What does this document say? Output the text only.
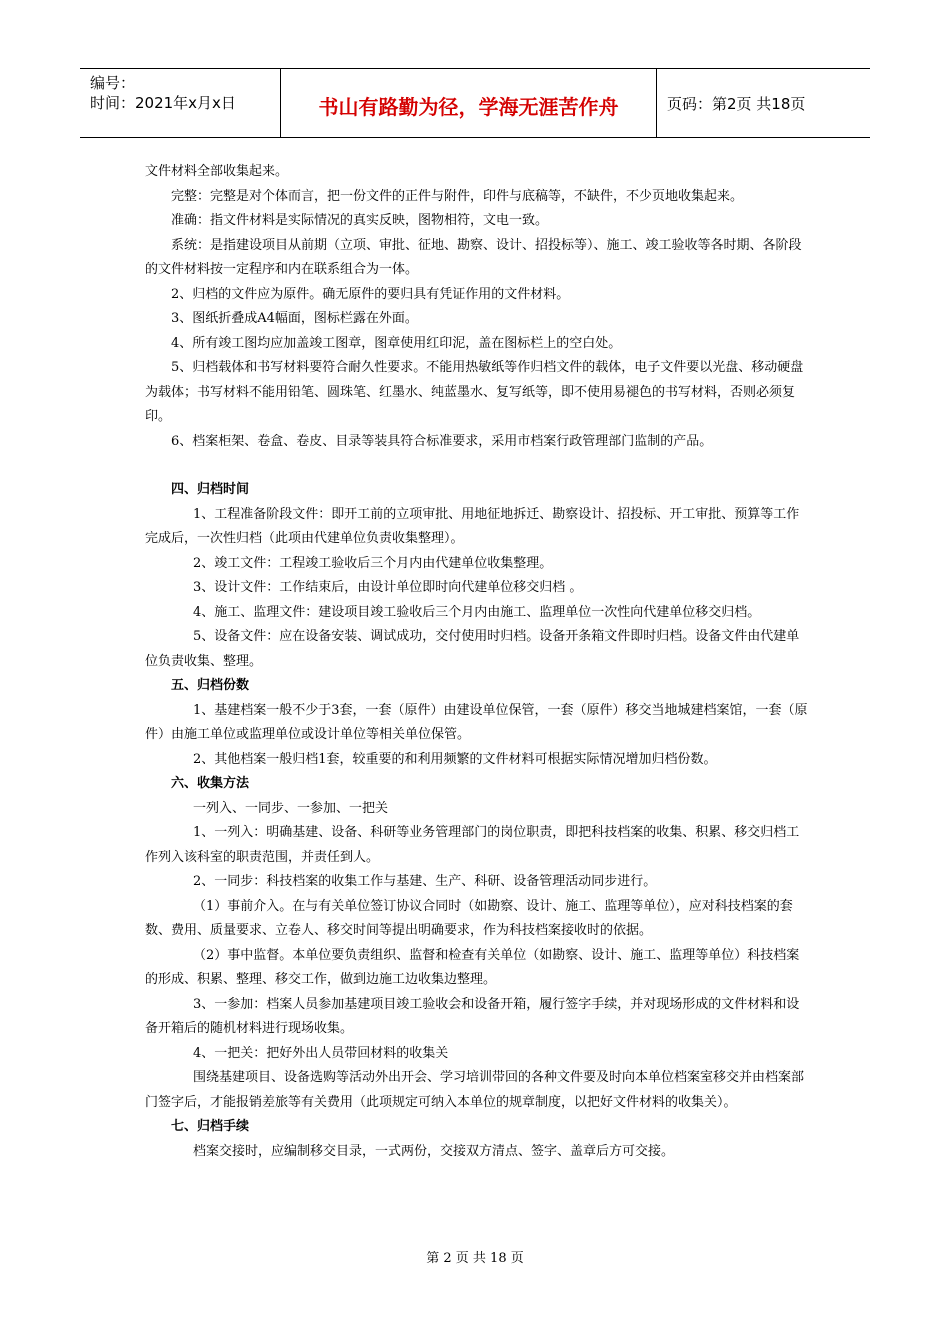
编号：
时间：2021年x月x日	书山有路勤为径，学海无涯苦作舟	页码：第2页 共18页

文件材料全部收集起来。

完整：完整是对个体而言，把一份文件的正件与附件，印件与底稿等，不缺件，不少页地收集起来。

准确：指文件材料是实际情况的真实反映，图物相符，文电一致。

系统：是指建设项目从前期（立项、审批、征地、勘察、设计、招投标等）、施工、竣工验收等各时期、各阶段的文件材料按一定程序和内在联系组合为一体。

2、归档的文件应为原件。确无原件的要归具有凭证作用的文件材料。

3、图纸折叠成A4幅面，图标栏露在外面。

4、所有竣工图均应加盖竣工图章，图章使用红印泥，盖在图标栏上的空白处。

5、归档载体和书写材料要符合耐久性要求。不能用热敏纸等作归档文件的载体，电子文件要以光盘、移动硬盘为载体；书写材料不能用铅笔、圆珠笔、红墨水、纯蓝墨水、复写纸等，即不使用易褪色的书写材料，否则必须复印。

6、档案柜架、卷盒、卷皮、目录等装具符合标准要求，采用市档案行政管理部门监制的产品。

四、归档时间

1、工程准备阶段文件：即开工前的立项审批、用地征地拆迁、勘察设计、招投标、开工审批、预算等工作完成后，一次性归档（此项由代建单位负责收集整理）。

2、竣工文件：工程竣工验收后三个月内由代建单位收集整理。

3、设计文件：工作结束后，由设计单位即时向代建单位移交归档 。

4、施工、监理文件：建设项目竣工验收后三个月内由施工、监理单位一次性向代建单位移交归档。

5、设备文件：应在设备安装、调试成功，交付使用时归档。设备开条箱文件即时归档。设备文件由代建单位负责收集、整理。

五、归档份数

1、基建档案一般不少于3套，一套（原件）由建设单位保管，一套（原件）移交当地城建档案馆，一套（原件）由施工单位或监理单位或设计单位等相关单位保管。

2、其他档案一般归档1套，较重要的和利用频繁的文件材料可根据实际情况增加归档份数。

六、收集方法

一列入、一同步、一参加、一把关

1、一列入：明确基建、设备、科研等业务管理部门的岗位职责，即把科技档案的收集、积累、移交归档工作列入该科室的职责范围，并责任到人。

2、一同步：科技档案的收集工作与基建、生产、科研、设备管理活动同步进行。

（1）事前介入。在与有关单位签订协议合同时（如勘察、设计、施工、监理等单位），应对科技档案的套数、费用、质量要求、立卷人、移交时间等提出明确要求，作为科技档案接收时的依据。

（2）事中监督。本单位要负责组织、监督和检查有关单位（如勘察、设计、施工、监理等单位）科技档案的形成、积累、整理、移交工作，做到边施工边收集边整理。

3、一参加：档案人员参加基建项目竣工验收会和设备开箱，履行签字手续，并对现场形成的文件材料和设备开箱后的随机材料进行现场收集。

4、一把关：把好外出人员带回材料的收集关

围绕基建项目、设备选购等活动外出开会、学习培训带回的各种文件要及时向本单位档案室移交并由档案部门签字后，才能报销差旅等有关费用（此项规定可纳入本单位的规章制度，以把好文件材料的收集关）。

七、归档手续

档案交接时，应编制移交目录，一式两份，交接双方清点、签字、盖章后方可交接。

第 2 页 共 18 页
